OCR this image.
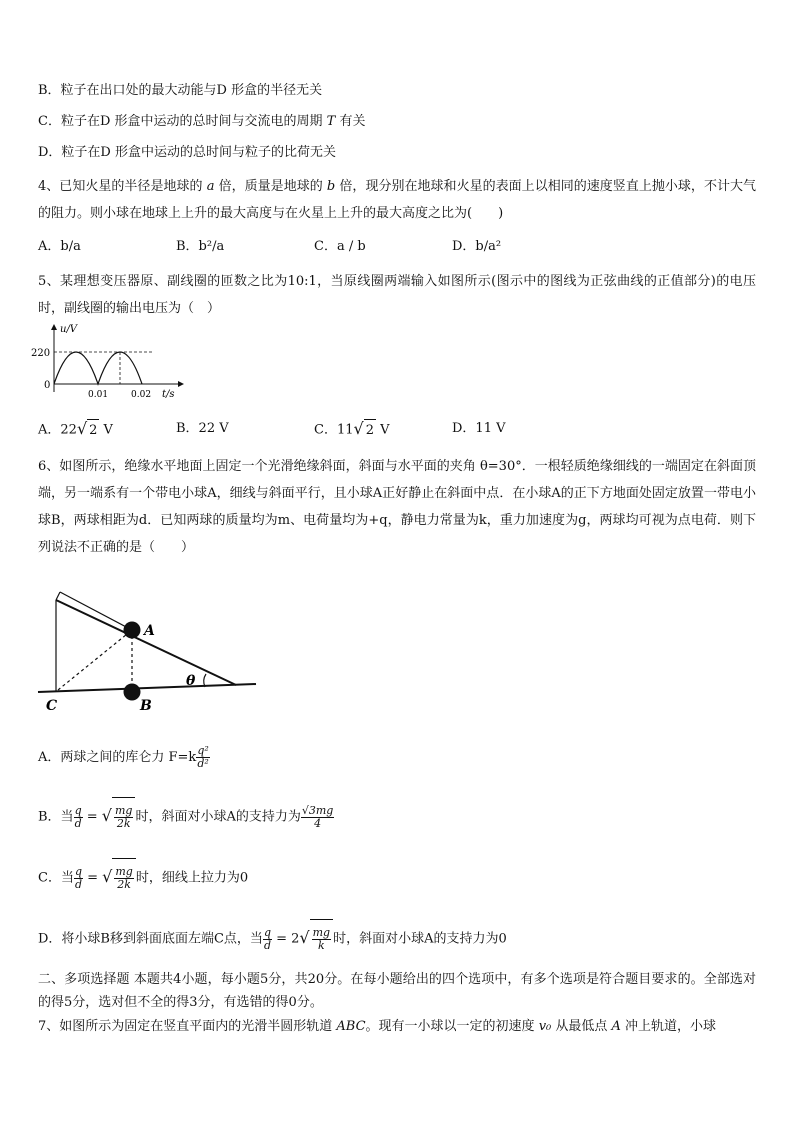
B．粒子在出口处的最大动能与D 形盒的半径无关
C．粒子在D 形盒中运动的总时间与交流电的周期 T 有关
D．粒子在D 形盒中运动的总时间与粒子的比荷无关
4、已知火星的半径是地球的 a 倍，质量是地球的 b 倍，现分别在地球和火星的表面上以相同的速度竖直上抛小球，不计大气的阻力。则小球在地球上上升的最大高度与在火星上上升的最大高度之比为(　　)
A．b/a	B．b²/a	C．a / b	D．b/a²
5、某理想变压器原、副线圈的匝数之比为10:1，当原线圈两端输入如图所示(图示中的图线为正弦曲线的正值部分)的电压时，副线圈的输出电压为（　）
u/V
220
0
0.01	0.02 t/s
A．22√ 2 V	B．22 V	C．11√ 2 V	D．11 V
6、如图所示，绝缘水平地面上固定一个光滑绝缘斜面，斜面与水平面的夹角 θ=30°．一根轻质绝缘细线的一端固定在斜面顶端，另一端系有一个带电小球A，细线与斜面平行，且小球A正好静止在斜面中点．在小球A的正下方地面处固定放置一带电小球B，两球相距为d．已知两球的质量均为m、电荷量均为+q，静电力常量为k，重力加速度为g，两球均可视为点电荷．则下列说法不正确的是（　　）
A
B
C
θ
A．两球之间的库仑力 $F=k \frac{\text{q²}}{\text{d²}}$
B．当 $\frac{q}{d}$ = √ $\frac{mg}{2k}$ 时，斜面对小球A的支持力为 $\frac{√3mg}{4}$
C．当 $\frac{q}{d}$ = √ $\frac{mg}{2k}$ 时，细线上拉力为0
D．将小球B移到斜面底面左端C点，当 $\frac{q}{d} = 2√ \frac{mg}{k}$ 时，斜面对小球A的支持力为0
二、多项选择题 本题共4小题，每小题5分，共20分。在每小题给出的四个选项中，有多个选项是符合题目要求的。全部选对的得5分，选对但不全的得3分，有选错的得0分。
7、如图所示为固定在竖直平面内的光滑半圆形轨道 ABC。现有一小球以一定的初速度 v₀ 从最低点 A 冲上轨道，小球
